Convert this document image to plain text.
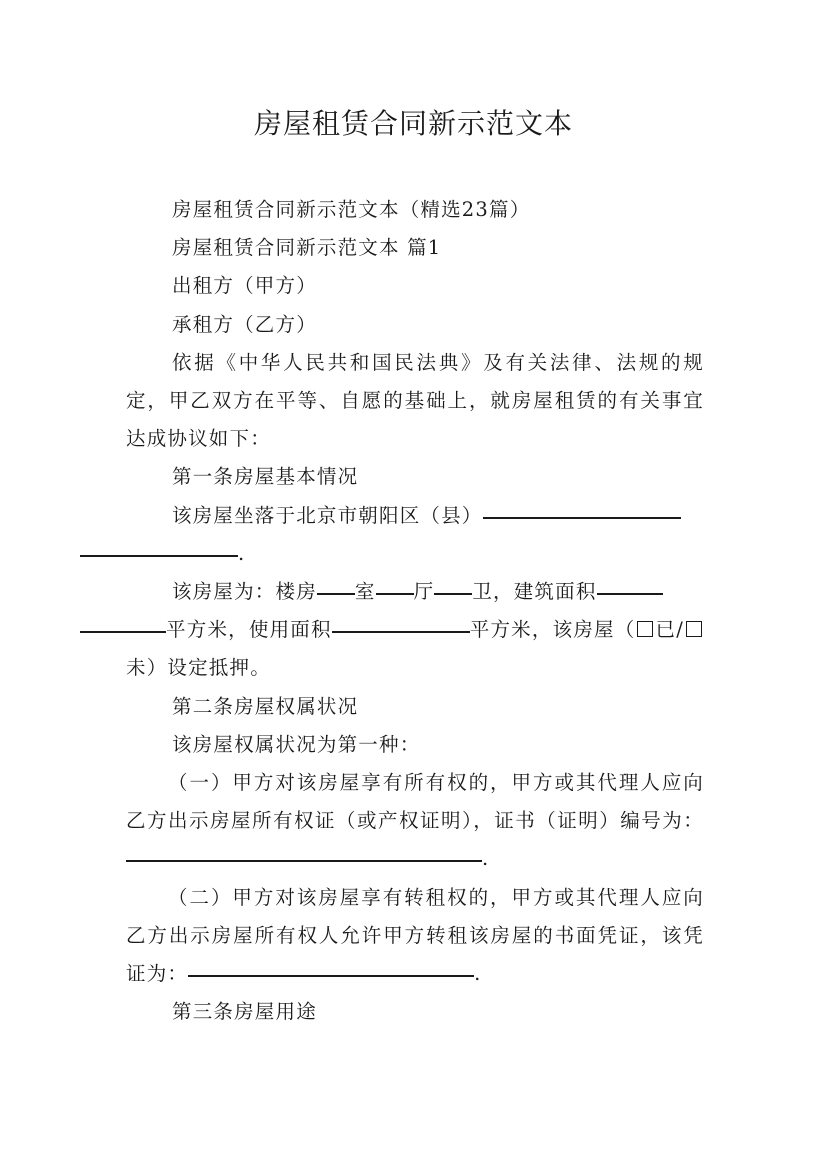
房屋租赁合同新示范文本

房屋租赁合同新示范文本（精选23篇）

房屋租赁合同新示范文本 篇1

出租方（甲方）

承租方（乙方）

依据《中华人民共和国民法典》及有关法律、法规的规定，甲乙双方在平等、自愿的基础上，就房屋租赁的有关事宜达成协议如下：

第一条房屋基本情况

该房屋坐落于北京市朝阳区（县）
.

该房屋为：楼房 室 厅 卫，建筑面积
平方米，使用面积	平方米，该房屋（ 已/未）设定抵押。

第二条房屋权属状况

该房屋权属状况为第一种：

（一）甲方对该房屋享有所有权的，甲方或其代理人应向乙方出示房屋所有权证（或产权证明），证书（证明）编号为：.

（二）甲方对该房屋享有转租权的，甲方或其代理人应向乙方出示房屋所有权人允许甲方转租该房屋的书面凭证，该凭证为：	.

第三条房屋用途
